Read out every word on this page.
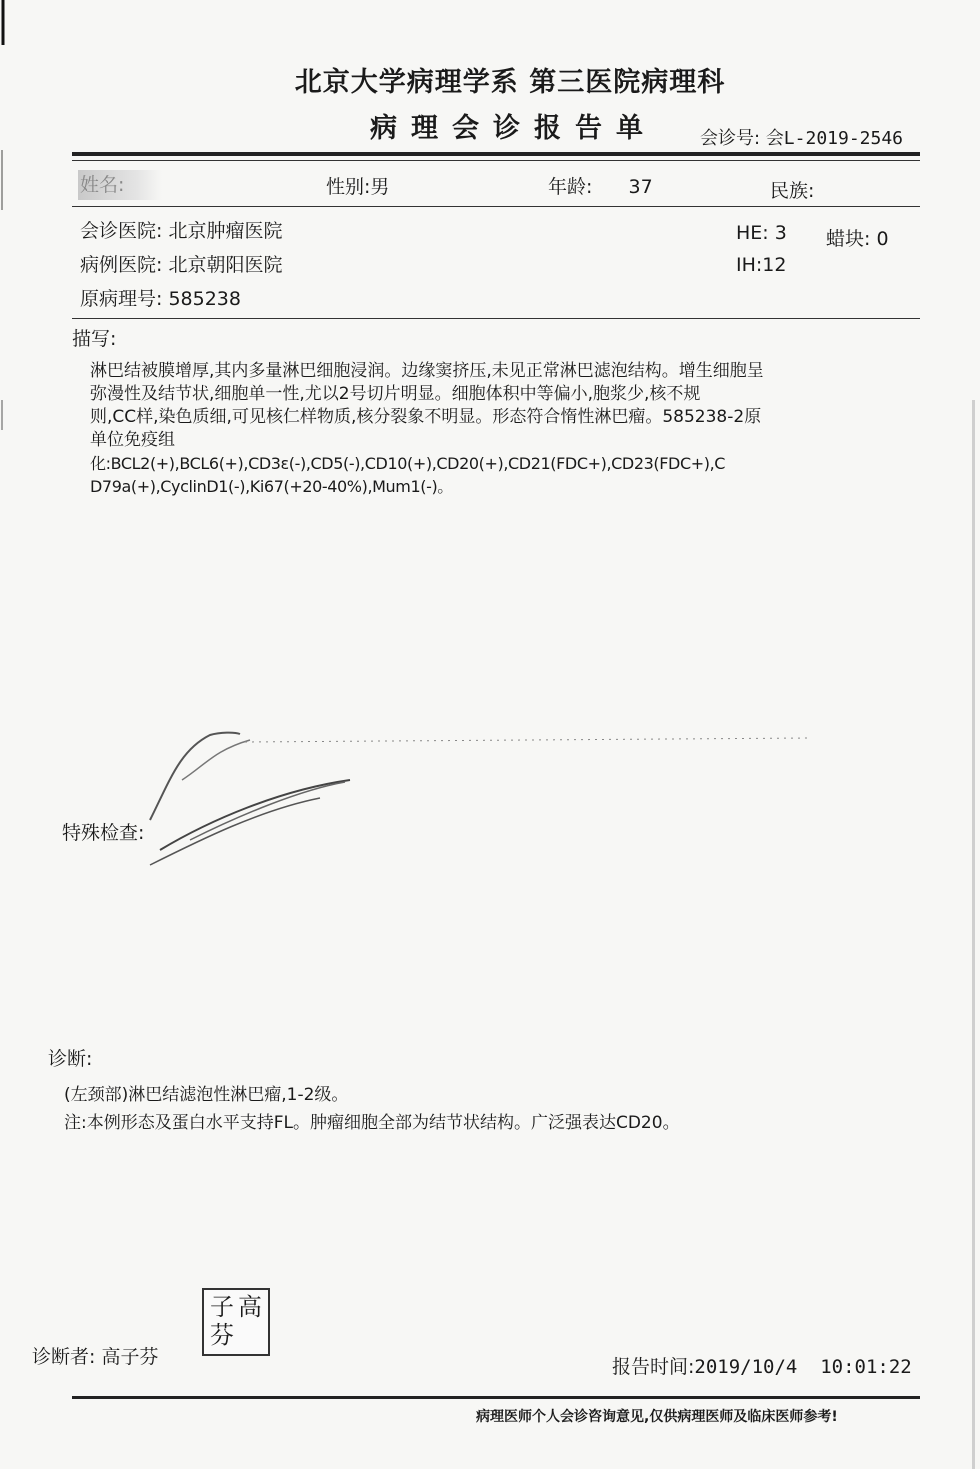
北京大学病理学系 第三医院病理科
病理会诊报告单 会诊号: 会L-2019-2546
姓名:	性别:男	年龄: 37	民族:
会诊医院: 北京肿瘤医院
病例医院: 北京朝阳医院
原病理号: 585238
HE: 3 蜡块: 0
IH:12
描写:
淋巴结被膜增厚,其内多量淋巴细胞浸润。边缘窦挤压,未见正常淋巴滤泡结构。增生细胞呈
弥漫性及结节状,细胞单一性,尤以2号切片明显。细胞体积中等偏小,胞浆少,核不规
则,CC样,染色质细,可见核仁样物质,核分裂象不明显。形态符合惰性淋巴瘤。585238-2原
单位免疫组
化:BCL2(+),BCL6(+),CD3ε(-),CD5(-),CD10(+),CD20(+),CD21(FDC+),CD23(FDC+),C
D79a(+),CyclinD1(-),Ki67(+20-40%),Mum1(-)。
特殊检查:
诊断:
(左颈部)淋巴结滤泡性淋巴瘤,1-2级。
注:本例形态及蛋白水平支持FL。肿瘤细胞全部为结节状结构。广泛强表达CD20。
诊断者: 高子芬
子 高
芬
报告时间:2019/10/4  10:01:22
病理医师个人会诊咨询意见,仅供病理医师及临床医师参考!
